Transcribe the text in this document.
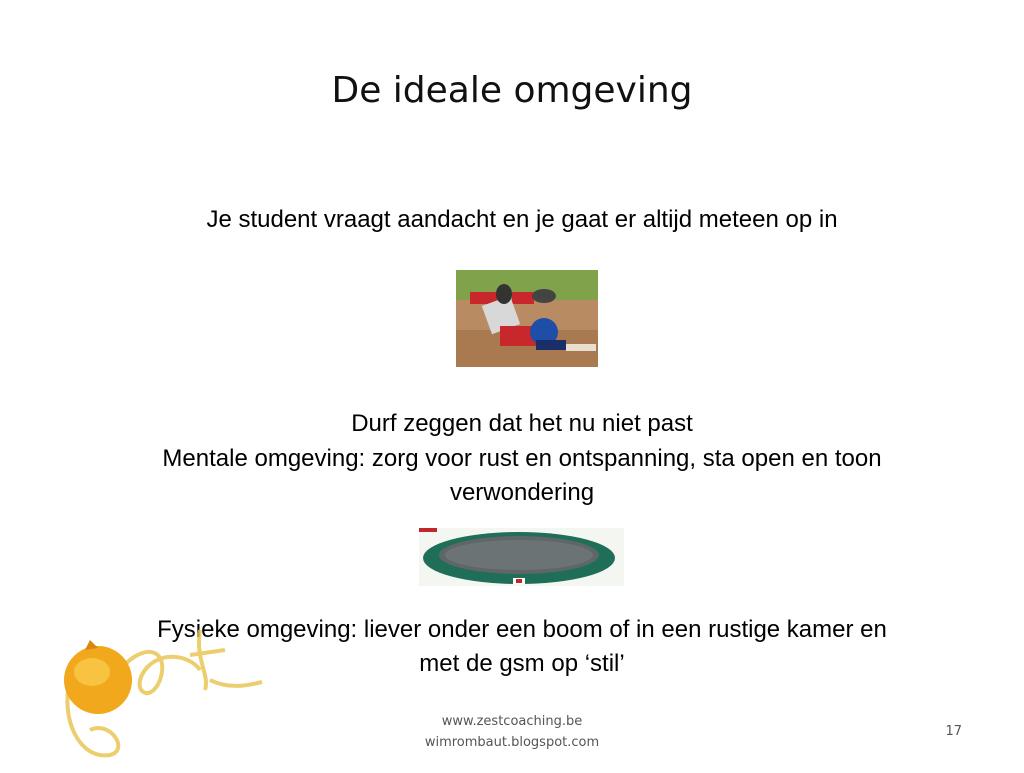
De ideale omgeving
Je student vraagt aandacht en je gaat er altijd meteen op in
Durf zeggen dat het nu niet past
Mentale omgeving: zorg voor rust en ontspanning, sta open en toon
verwondering
Fysieke omgeving: liever onder een boom of in een rustige kamer en
met de gsm op ‘stil’
www.zestcoaching.be
wimrombaut.blogspot.com
17
